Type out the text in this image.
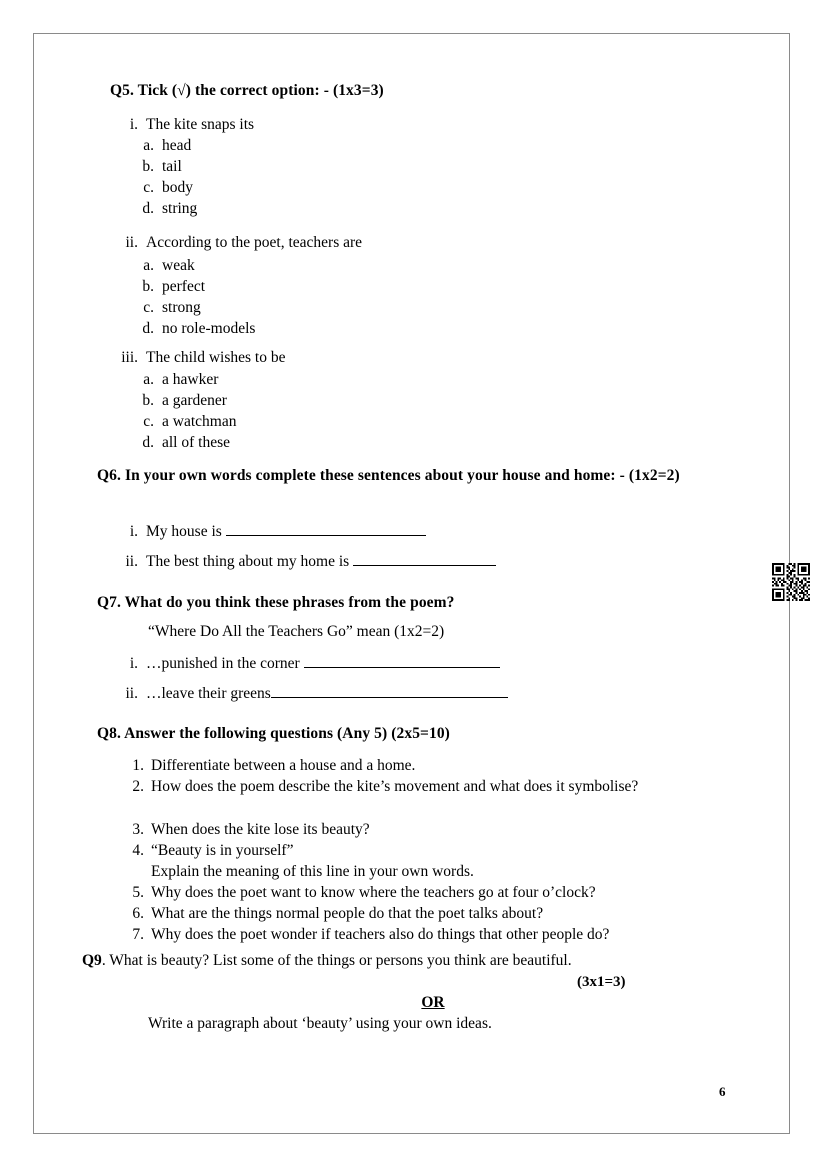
Q5. Tick (√) the correct option: - (1x3=3)
i. The kite snaps its
a. head
b. tail
c. body
d. string
ii. According to the poet, teachers are
a. weak
b. perfect
c. strong
d. no role-models
iii. The child wishes to be
a. a hawker
b. a gardener
c. a watchman
d. all of these
Q6. In your own words complete these sentences about your house and home: - (1x2=2)
i. My house is
ii. The best thing about my home is
Q7. What do you think these phrases from the poem?
“Where Do All the Teachers Go” mean (1x2=2)
i. …punished in the corner
ii. …leave their greens
Q8. Answer the following questions (Any 5) (2x5=10)
1. Differentiate between a house and a home.
2. How does the poem describe the kite’s movement and what does it symbolise?
3. When does the kite lose its beauty?
4. “Beauty is in yourself”
Explain the meaning of this line in your own words.
5. Why does the poet want to know where the teachers go at four o’clock?
6. What are the things normal people do that the poet talks about?
7. Why does the poet wonder if teachers also do things that other people do?
Q9. What is beauty? List some of the things or persons you think are beautiful.
(3x1=3)
OR
Write a paragraph about ‘beauty’ using your own ideas.
6
